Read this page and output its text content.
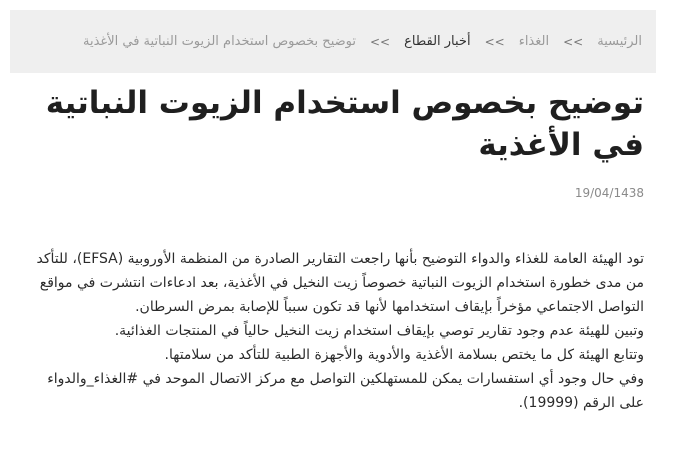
الرئيسية
>>
الغذاء
>>
أخبار القطاع
>>
توضيح بخصوص استخدام الزيوت النباتية في الأغذية
توضيح بخصوص استخدام الزيوت النباتية في الأغذية
19/04/1438

تود الهيئة العامة للغذاء والدواء التوضيح بأنها راجعت التقارير الصادرة من المنظمة الأوروبية (EFSA)، للتأكد من مدى خطورة استخدام الزيوت النباتية خصوصاً زيت النخيل في الأغذية، بعد ادعاءات انتشرت في مواقع التواصل الاجتماعي مؤخراً بإيقاف استخدامها لأنها قد تكون سبباً للإصابة بمرض السرطان.

وتبين للهيئة عدم وجود تقارير توصي بإيقاف استخدام زيت النخيل حالياً في المنتجات الغذائية.

وتتابع الهيئة كل ما يختص بسلامة الأغذية والأدوية والأجهزة الطبية للتأكد من سلامتها.

وفي حال وجود أي استفسارات يمكن للمستهلكين التواصل مع مركز الاتصال الموحد في #الغذاء_والدواء على الرقم (19999).
